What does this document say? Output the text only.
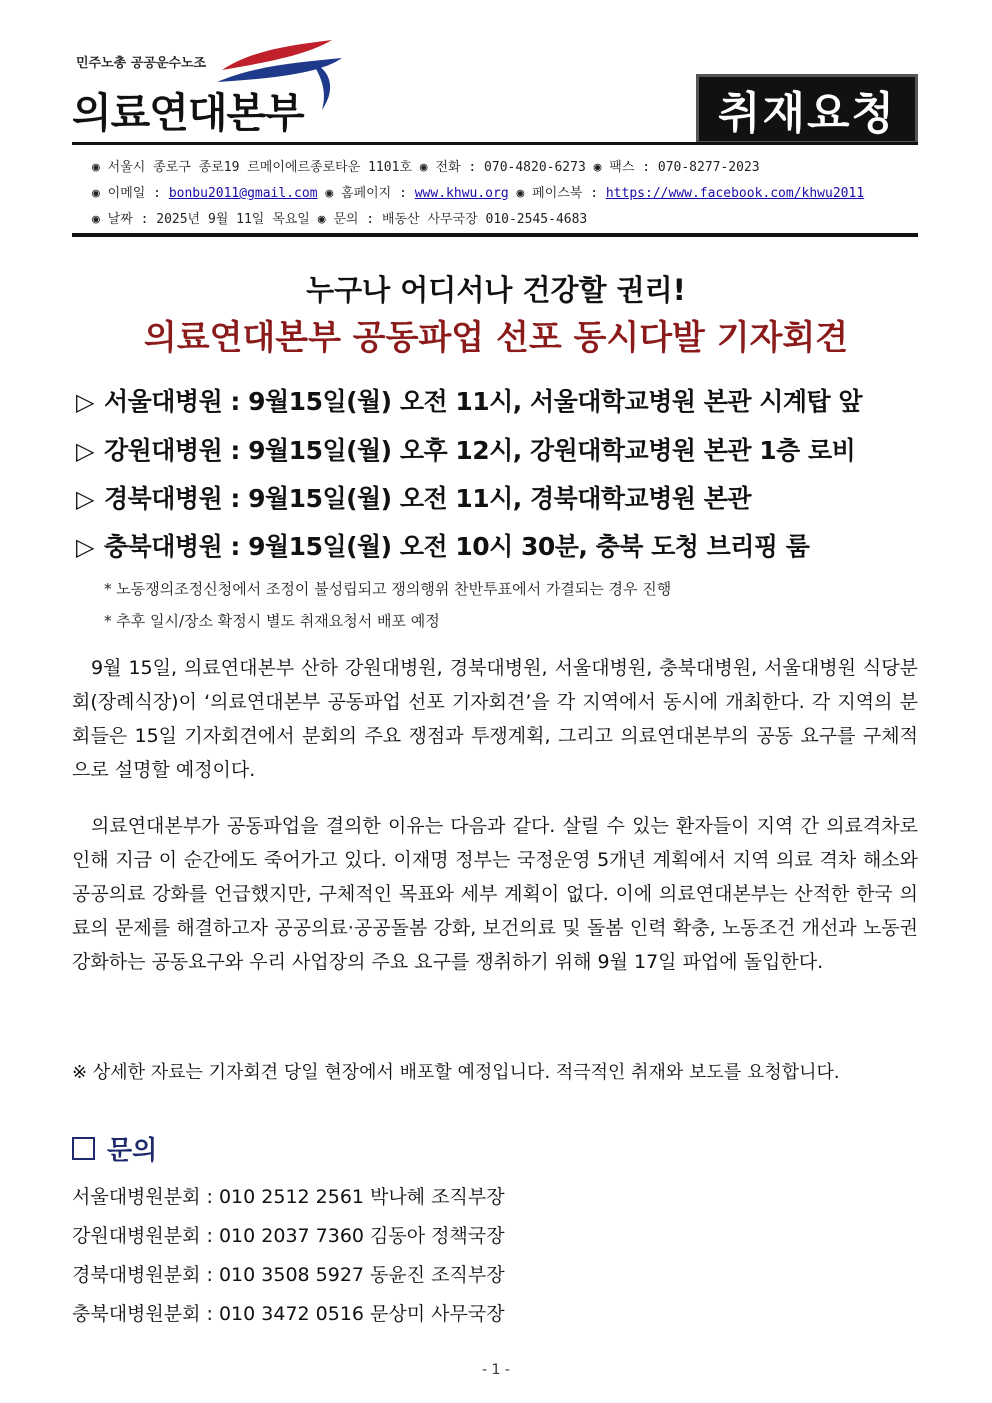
민주노총 공공운수노조
의료연대본부	취재요청
◉ 서울시 종로구 종로19 르메이에르종로타운 1101호 ◉ 전화 : 070-4820-6273 ◉ 팩스 : 070-8277-2023
◉ 이메일 : bonbu2011@gmail.com ◉ 홈페이지 : www.khwu.org ◉ 페이스북 : https://www.facebook.com/khwu2011
◉ 날짜 : 2025년 9월 11일 목요일 ◉ 문의 : 배동산 사무국장 010-2545-4683
누구나 어디서나 건강할 권리!
의료연대본부 공동파업 선포 동시다발 기자회견
▷ 서울대병원 : 9월15일(월) 오전 11시, 서울대학교병원 본관 시계탑 앞
▷ 강원대병원 : 9월15일(월) 오후 12시, 강원대학교병원 본관 1층 로비
▷ 경북대병원 : 9월15일(월) 오전 11시, 경북대학교병원 본관
▷ 충북대병원 : 9월15일(월) 오전 10시 30분, 충북 도청 브리핑 룸
* 노동쟁의조정신청에서 조정이 불성립되고 쟁의행위 찬반투표에서 가결되는 경우 진행
* 추후 일시/장소 확정시 별도 취재요청서 배포 예정

9월 15일, 의료연대본부 산하 강원대병원, 경북대병원, 서울대병원, 충북대병원, 서울대병원 식당분회(장례식장)이 ‘의료연대본부 공동파업 선포 기자회견’을 각 지역에서 동시에 개최한다. 각 지역의 분회들은 15일 기자회견에서 분회의 주요 쟁점과 투쟁계획, 그리고 의료연대본부의 공동 요구를 구체적으로 설명할 예정이다.

의료연대본부가 공동파업을 결의한 이유는 다음과 같다. 살릴 수 있는 환자들이 지역 간 의료격차로 인해 지금 이 순간에도 죽어가고 있다. 이재명 정부는 국정운영 5개년 계획에서 지역 의료 격차 해소와 공공의료 강화를 언급했지만, 구체적인 목표와 세부 계획이 없다. 이에 의료연대본부는 산적한 한국 의료의 문제를 해결하고자 공공의료·공공돌봄 강화, 보건의료 및 돌봄 인력 확충, 노동조건 개선과 노동권 강화하는 공동요구와 우리 사업장의 주요 요구를 쟁취하기 위해 9월 17일 파업에 돌입한다.

※ 상세한 자료는 기자회견 당일 현장에서 배포할 예정입니다. 적극적인 취재와 보도를 요청합니다.
문의
서울대병원분회 : 010 2512 2561 박나혜 조직부장
강원대병원분회 : 010 2037 7360 김동아 정책국장
경북대병원분회 : 010 3508 5927 동윤진 조직부장
충북대병원분회 : 010 3472 0516 문상미 사무국장
- 1 -
